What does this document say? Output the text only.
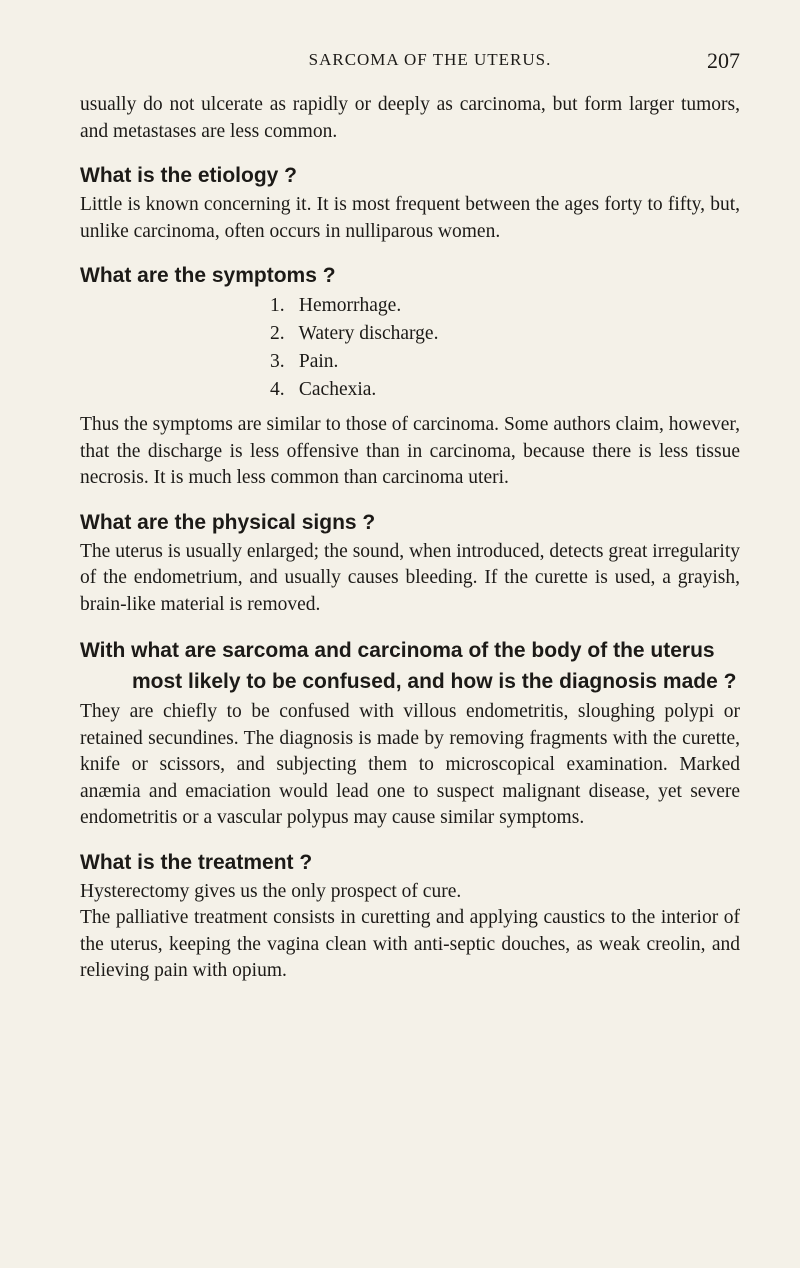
SARCOMA OF THE UTERUS.	207

usually do not ulcerate as rapidly or deeply as carcinoma, but form larger tumors, and metastases are less common.

What is the etiology ?

Little is known concerning it. It is most frequent between the ages forty to fifty, but, unlike carcinoma, often occurs in nulliparous women.

What are the symptoms ?
1. Hemorrhage.
2. Watery discharge.
3. Pain.
4. Cachexia.

Thus the symptoms are similar to those of carcinoma. Some authors claim, however, that the discharge is less offensive than in carcinoma, because there is less tissue necrosis. It is much less common than carcinoma uteri.

What are the physical signs ?

The uterus is usually enlarged; the sound, when introduced, detects great irregularity of the endometrium, and usually causes bleeding. If the curette is used, a grayish, brain-like material is removed.

With what are sarcoma and carcinoma of the body of the uterus most likely to be confused, and how is the diagnosis made ?

They are chiefly to be confused with villous endometritis, sloughing polypi or retained secundines. The diagnosis is made by removing fragments with the curette, knife or scissors, and subjecting them to microscopical examination. Marked anæmia and emaciation would lead one to suspect malignant disease, yet severe endometritis or a vascular polypus may cause similar symptoms.

What is the treatment ?

Hysterectomy gives us the only prospect of cure.

The palliative treatment consists in curetting and applying caustics to the interior of the uterus, keeping the vagina clean with anti-septic douches, as weak creolin, and relieving pain with opium.
